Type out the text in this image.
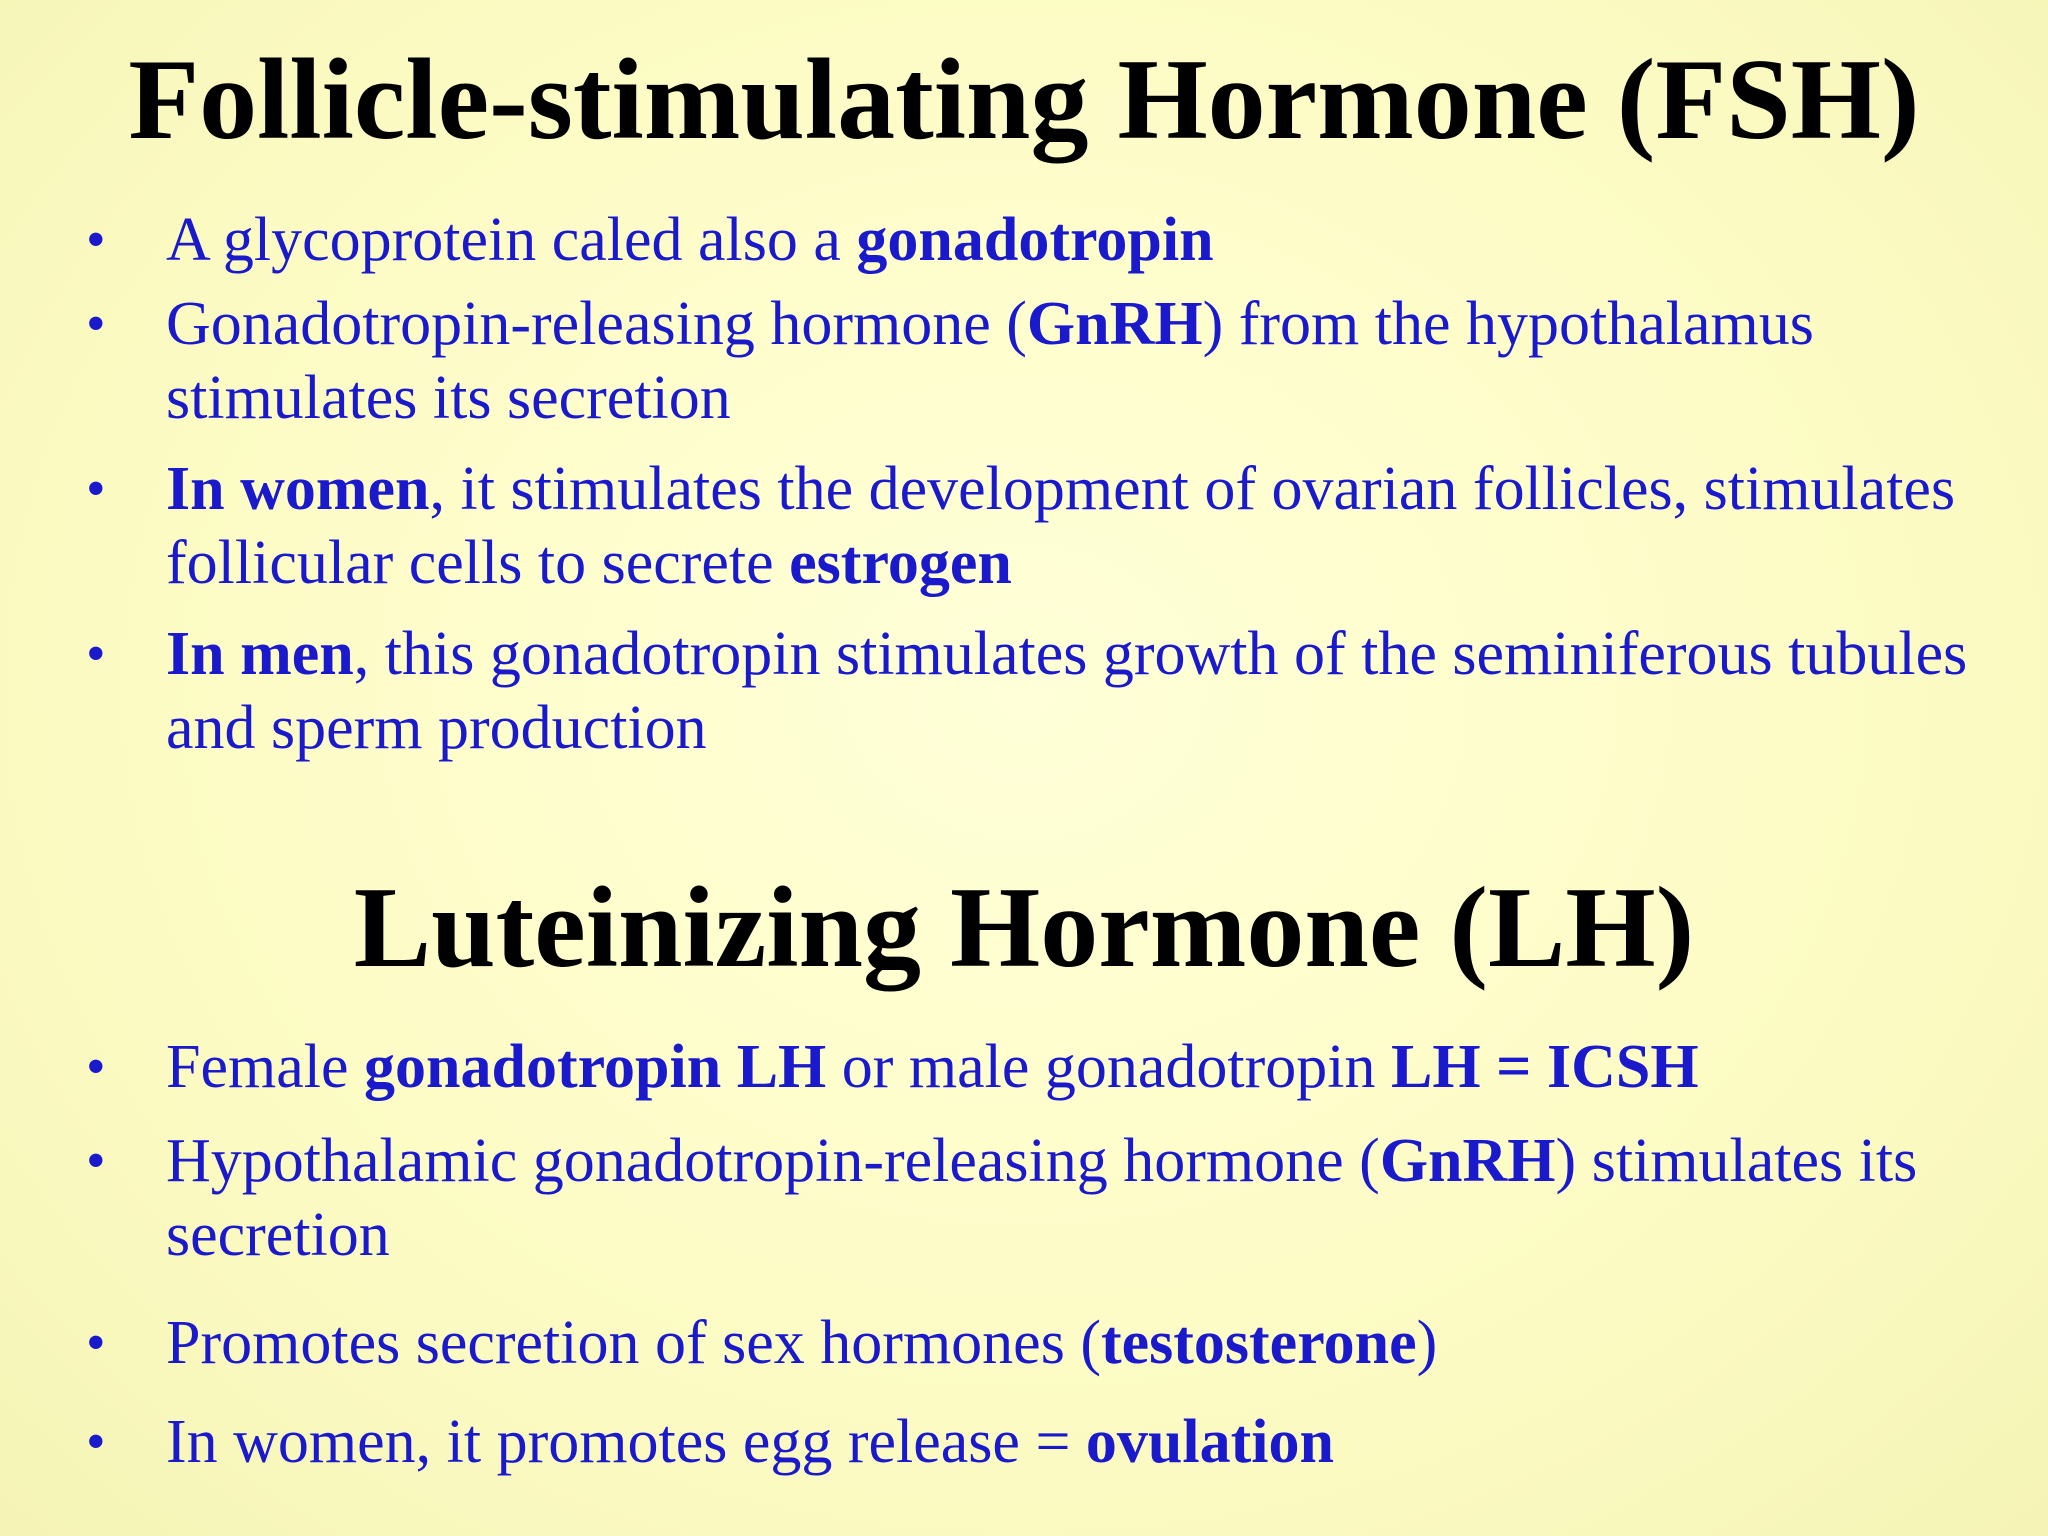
Follicle-stimulating Hormone (FSH)
• A glycoprotein caled also a gonadotropin
• Gonadotropin-releasing hormone (GnRH) from the hypothalamus stimulates its secretion
• In women, it stimulates the development of ovarian follicles, stimulates follicular cells to secrete estrogen
• In men, this gonadotropin stimulates growth of the seminiferous tubules and sperm production
Luteinizing Hormone (LH)
• Female gonadotropin LH or male gonadotropin LH = ICSH
• Hypothalamic gonadotropin-releasing hormone (GnRH) stimulates its secretion
• Promotes secretion of sex hormones (testosterone)
• In women, it promotes egg release = ovulation
